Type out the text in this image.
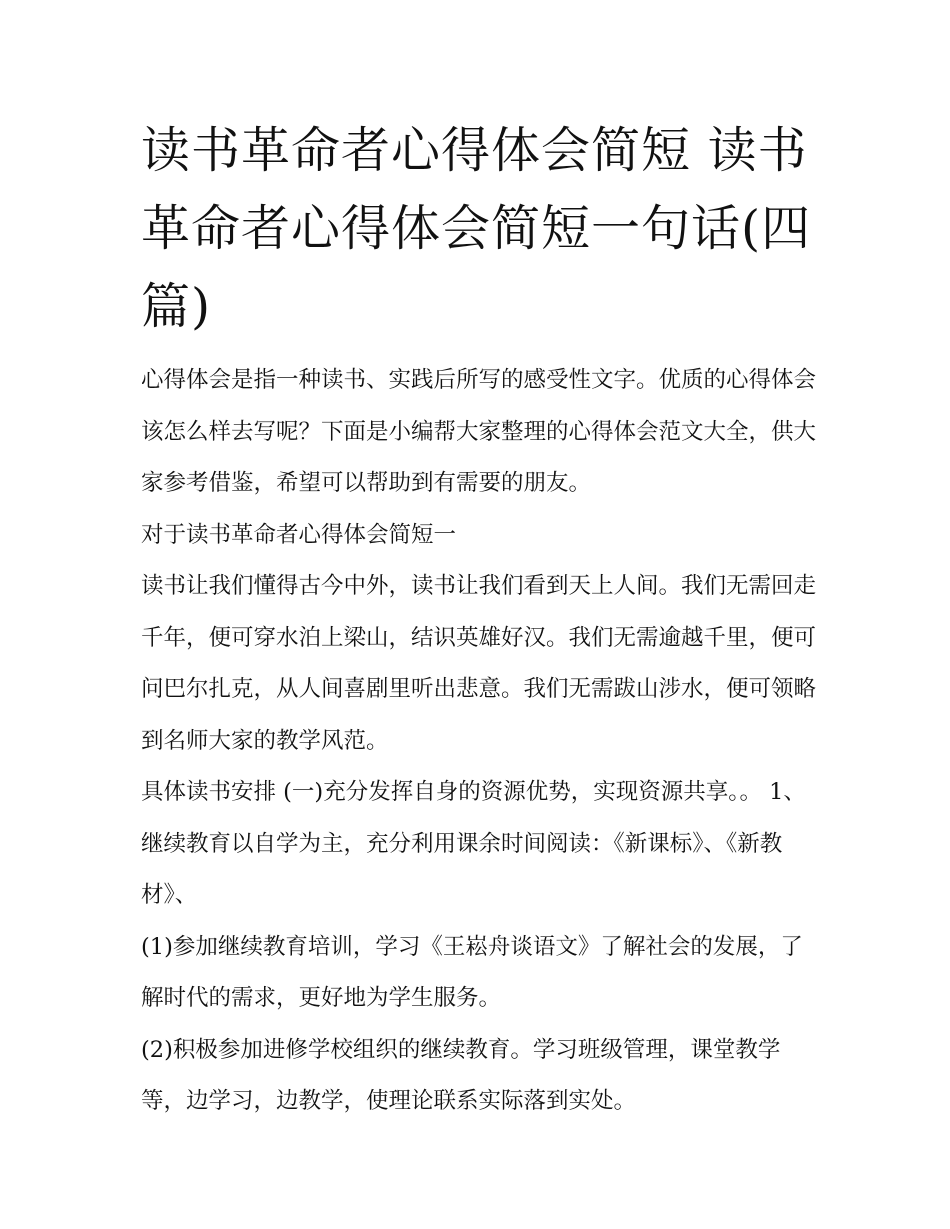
读书革命者心得体会简短 读书革命者心得体会简短一句话(四篇)

心得体会是指一种读书、实践后所写的感受性文字。优质的心得体会该怎么样去写呢？下面是小编帮大家整理的心得体会范文大全，供大家参考借鉴，希望可以帮助到有需要的朋友。

对于读书革命者心得体会简短一

读书让我们懂得古今中外，读书让我们看到天上人间。我们无需回走千年，便可穿水泊上梁山，结识英雄好汉。我们无需逾越千里，便可问巴尔扎克，从人间喜剧里听出悲意。我们无需跋山涉水，便可领略到名师大家的教学风范。

具体读书安排 (一)充分发挥自身的资源优势，实现资源共享。。 1、继续教育以自学为主，充分利用课余时间阅读：《新课标》、《新教材》、

(1)参加继续教育培训，学习《王崧舟谈语文》了解社会的发展，了解时代的需求，更好地为学生服务。

(2)积极参加进修学校组织的继续教育。学习班级管理，课堂教学等，边学习，边教学，使理论联系实际落到实处。
